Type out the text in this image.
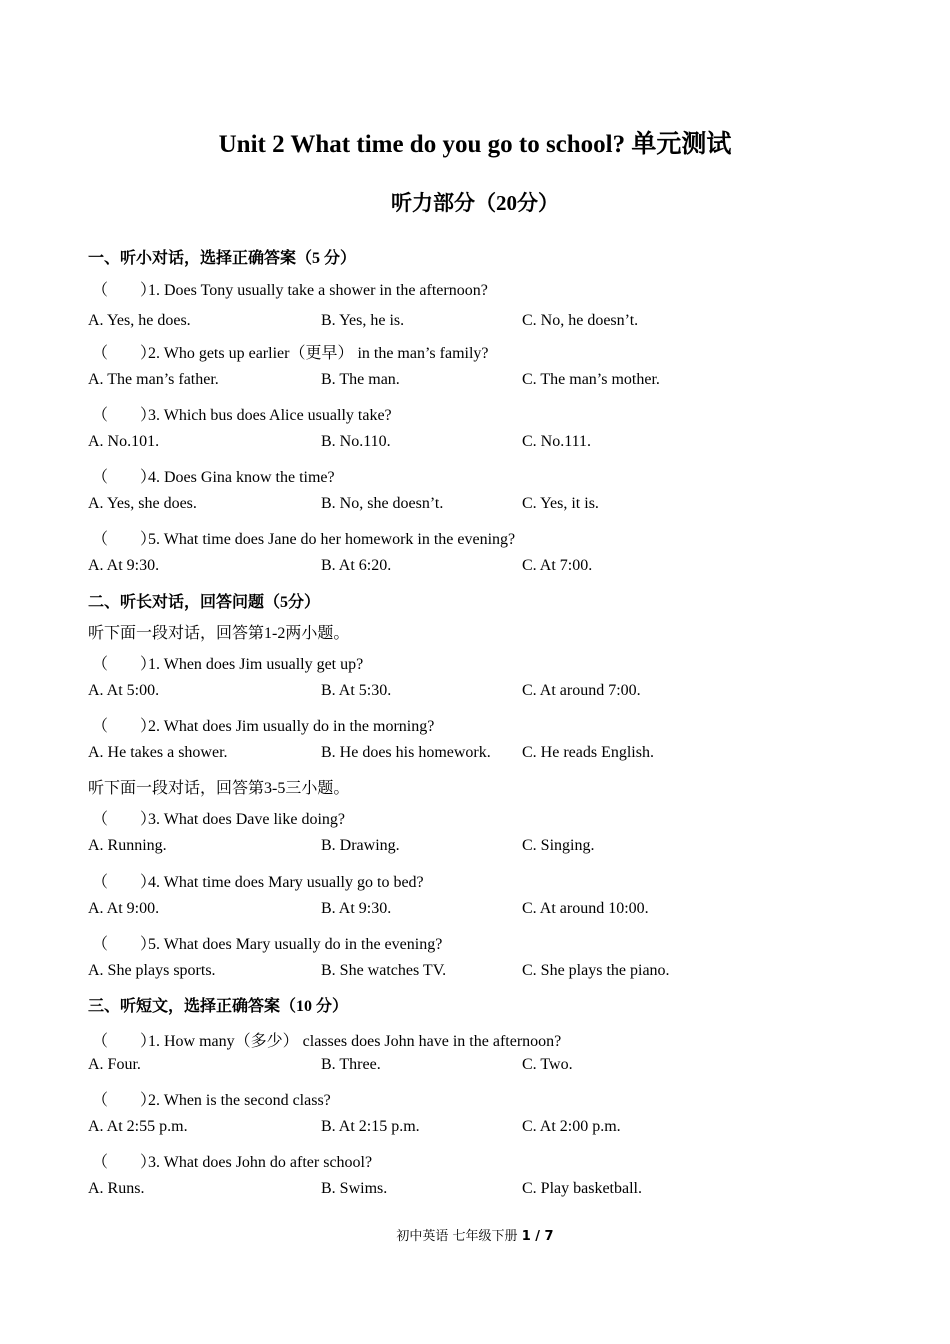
Unit 2 What time do you go to school? 单元测试
听力部分（20分）
一、听小对话，选择正确答案（5 分）
（　　）1. Does Tony usually take a shower in the afternoon?
A. Yes, he does.	B. Yes, he is.	C. No, he doesn’t.
（　　）2. Who gets up earlier（更早） in the man’s family?
A. The man’s father.	B. The man.	C. The man’s mother.
（　　）3. Which bus does Alice usually take?
A. No.101.	B. No.110.	C. No.111.
（　　）4. Does Gina know the time?
A. Yes, she does.	B. No, she doesn’t.	C. Yes, it is.
（　　）5. What time does Jane do her homework in the evening?
A. At 9:30.	B. At 6:20.	C. At 7:00.
二、听长对话，回答问题（5分）
听下面一段对话，回答第1-2两小题。
（　　）1. When does Jim usually get up?
A. At 5:00.	B. At 5:30.	C. At around 7:00.
（　　）2. What does Jim usually do in the morning?
A. He takes a shower.	B. He does his homework. C. He reads English.
听下面一段对话，回答第3-5三小题。
（　　）3. What does Dave like doing?
A. Running.	B. Drawing.	C. Singing.
（　　）4. What time does Mary usually go to bed?
A. At 9:00.	B. At 9:30.	C. At around 10:00.
（　　）5. What does Mary usually do in the evening?
A. She plays sports.	B. She watches TV.	C. She plays the piano.
三、听短文，选择正确答案（10 分）
（　　）1. How many（多少） classes does John have in the afternoon?
A. Four.	B. Three.	C. Two.
（　　）2. When is the second class?
A. At 2:55 p.m.	B. At 2:15 p.m.	C. At 2:00 p.m.
（　　）3. What does John do after school?
A. Runs.	B. Swims.	C. Play basketball.
初中英语 七年级下册 1 / 7
